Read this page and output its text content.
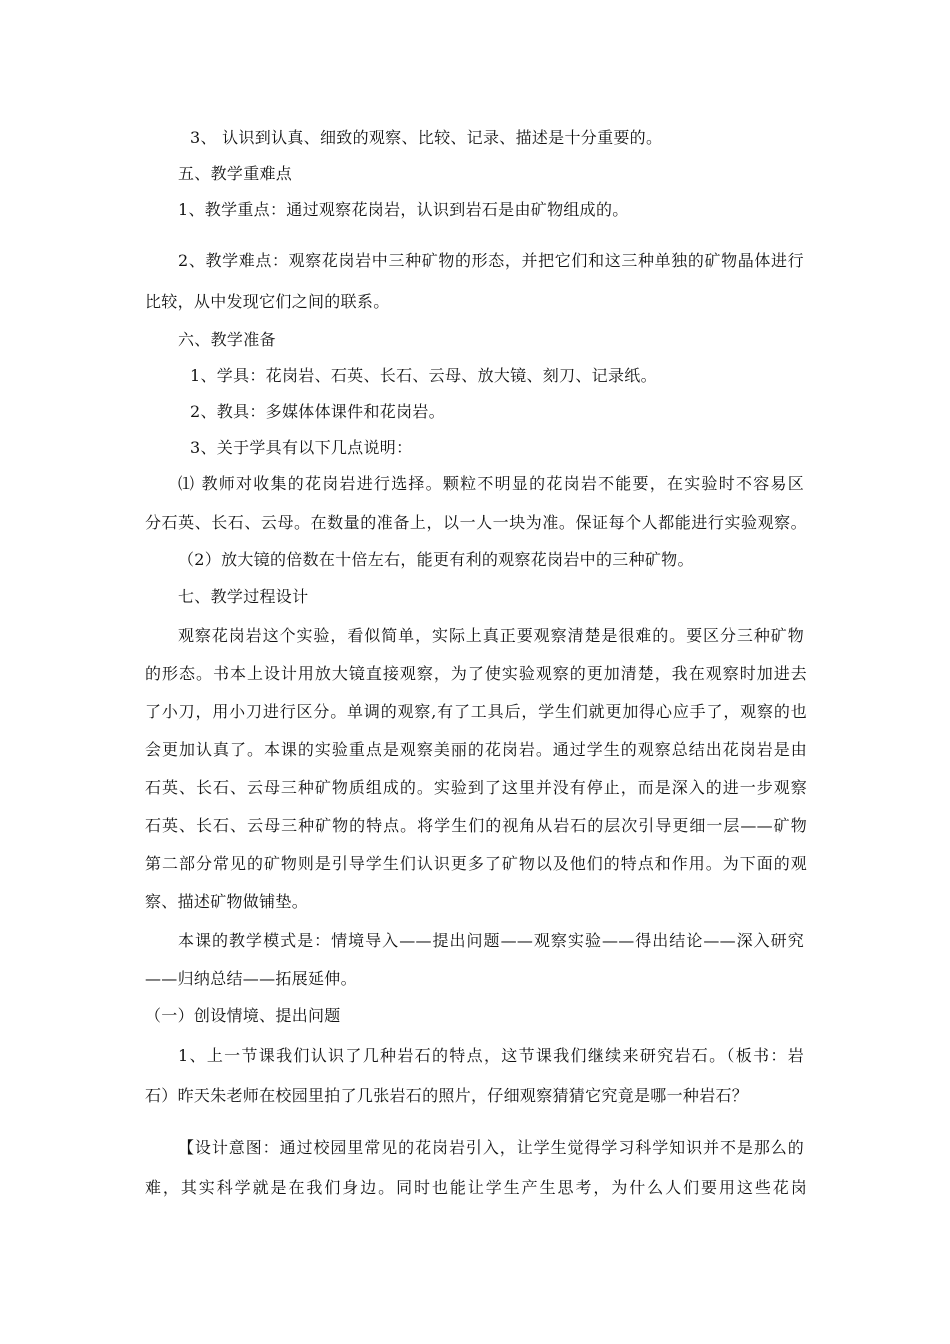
3、 认识到认真、细致的观察、比较、记录、描述是十分重要的。
五、教学重难点
1、教学重点：通过观察花岗岩，认识到岩石是由矿物组成的。
2、教学难点：观察花岗岩中三种矿物的形态，并把它们和这三种单独的矿物晶体进行
比较，从中发现它们之间的联系。
六、教学准备
1、学具：花岗岩、石英、长石、云母、放大镜、刻刀、记录纸。
2、教具：多媒体体课件和花岗岩。
3、关于学具有以下几点说明：
⑴ 教师对收集的花岗岩进行选择。颗粒不明显的花岗岩不能要，在实验时不容易区
分石英、长石、云母。在数量的准备上，以一人一块为准。保证每个人都能进行实验观察。
（2）放大镜的倍数在十倍左右，能更有利的观察花岗岩中的三种矿物。
七、教学过程设计
观察花岗岩这个实验，看似简单，实际上真正要观察清楚是很难的。要区分三种矿物
的形态。书本上设计用放大镜直接观察，为了使实验观察的更加清楚，我在观察时加进去
了小刀，用小刀进行区分。单调的观察,有了工具后，学生们就更加得心应手了，观察的也
会更加认真了。本课的实验重点是观察美丽的花岗岩。通过学生的观察总结出花岗岩是由
石英、长石、云母三种矿物质组成的。实验到了这里并没有停止，而是深入的进一步观察
石英、长石、云母三种矿物的特点。将学生们的视角从岩石的层次引导更细一层——矿物
第二部分常见的矿物则是引导学生们认识更多了矿物以及他们的特点和作用。为下面的观
察、描述矿物做铺垫。
本课的教学模式是：情境导入——提出问题——观察实验——得出结论——深入研究
——归纳总结——拓展延伸。
（一）创设情境、提出问题
1、上一节课我们认识了几种岩石的特点，这节课我们继续来研究岩石。（板书：岩
石）昨天朱老师在校园里拍了几张岩石的照片，仔细观察猜猜它究竟是哪一种岩石？
【设计意图：通过校园里常见的花岗岩引入，让学生觉得学习科学知识并不是那么的
难，其实科学就是在我们身边。同时也能让学生产生思考，为什么人们要用这些花岗
